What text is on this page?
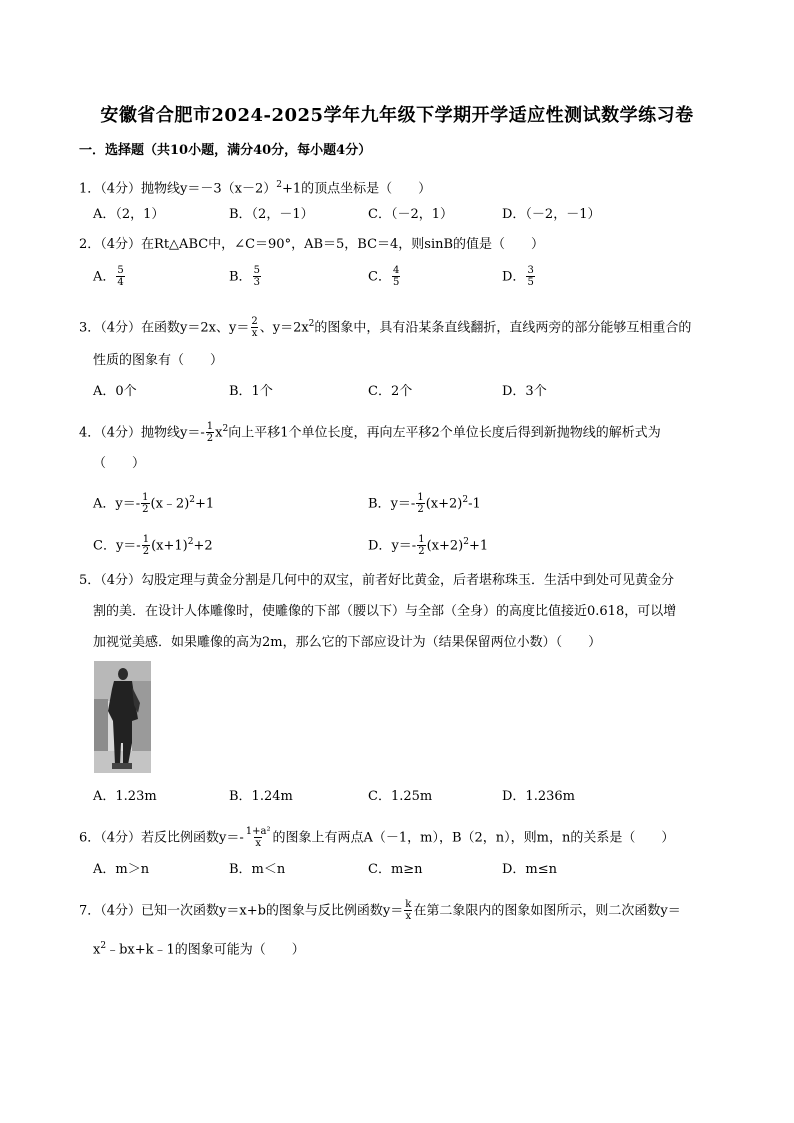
安徽省合肥市2024-2025学年九年级下学期开学适应性测试数学练习卷
一．选择题（共10小题，满分40分，每小题4分）
1．（4分）抛物线$y=-3(x-2)^2+1$的顶点坐标是（　　）
A．（2，1）	B．（2，－1）	C．（－2，1）	D．（－2，－1）
2．（4分）在Rt△ABC中，∠C＝90°，AB＝5，BC＝4，则sinB的值是（　　）
A． $\frac{5}{4}$	B． $\frac{5}{3}$	C． $\frac{4}{5}$	D． $\frac{3}{5}$
3．（4分）在函数y＝2x、$y= \frac{2}{x}$ 、$y=2x^2$的图象中，具有沿某条直线翻折，直线两旁的部分能够互相重合的
性质的图象有（　　）
A．0个	B．1个	C．2个	D．3个
4．（4分）抛物线$y=- \frac{1}{2} x^2$向上平移1个单位长度，再向左平移2个单位长度后得到新抛物线的解析式为
（　　）
A．$y=- \frac{1}{2}$ (x﹣2)$^2$+1	B．$y=- \frac{1}{2} (x+2)^2-1$
C．$y=- \frac{1}{2} (x+1)^2+2$	D．$y=- \frac{1}{2} (x+2)^2+1$
5．（4分）勾股定理与黄金分割是几何中的双宝，前者好比黄金，后者堪称珠玉．生活中到处可见黄金分
割的美．在设计人体雕像时，使雕像的下部（腰以下）与全部（全身）的高度比值接近0.618，可以增
加视觉美感．如果雕像的高为2m，那么它的下部应设计为（结果保留两位小数）（　　）
A．1.23m	B．1.24m	C．1.25m	D．1.236m
6．（4分）若反比例函数$y=- \frac{\text{1+a²}}{x}$ 的图象上有两点A（－1，m），B（2，n），则m，n的关系是（　　）
A．m＞n	B．m＜n	C．m≥n	D．m≤n
7．（4分）已知一次函数y＝x+b的图象与反比例函数$y= \frac{k}{x}$ 在第二象限内的图象如图所示，则二次函数y＝
$x^2﹣bx+k﹣1$的图象可能为（　　）
